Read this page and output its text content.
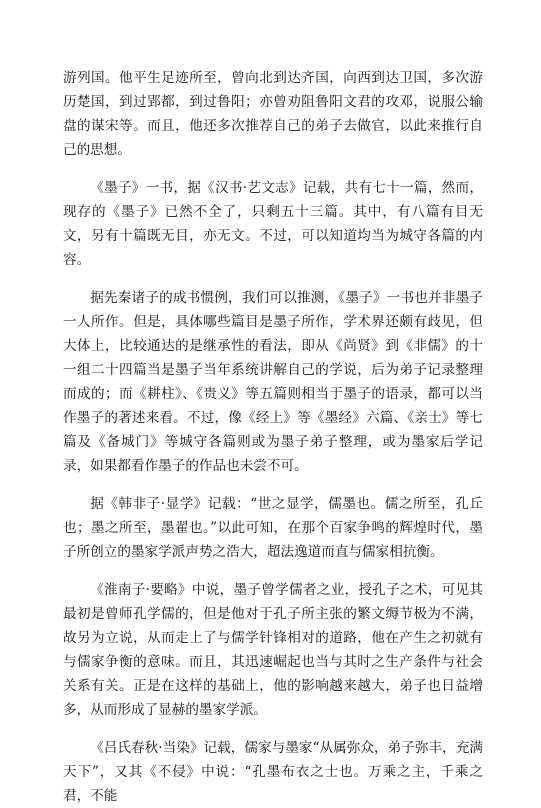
游列国。他平生足迹所至，曾向北到达齐国，向西到达卫国，多次游历楚国，到过郢都，到过鲁阳；亦曾劝阻鲁阳文君的攻邓，说服公输盘的谋宋等。而且，他还多次推荐自己的弟子去做官，以此来推行自己的思想。

《墨子》一书，据《汉书·艺文志》记载，共有七十一篇，然而，现存的《墨子》已然不全了，只剩五十三篇。其中，有八篇有目无文，另有十篇既无目，亦无文。不过，可以知道均当为城守各篇的内容。

据先秦诸子的成书惯例，我们可以推测，《墨子》一书也并非墨子一人所作。但是，具体哪些篇目是墨子所作，学术界还颇有歧见，但大体上，比较通达的是继承性的看法，即从《尚贤》到《非儒》的十一组二十四篇当是墨子当年系统讲解自己的学说，后为弟子记录整理而成的；而《耕柱》、《贵义》等五篇则相当于墨子的语录，都可以当作墨子的著述来看。不过，像《经上》等《墨经》六篇、《亲士》等七篇及《备城门》等城守各篇则或为墨子弟子整理，或为墨家后学记录，如果都看作墨子的作品也未尝不可。

据《韩非子·显学》记载：“世之显学，儒墨也。儒之所至，孔丘也；墨之所至，墨翟也。”以此可知，在那个百家争鸣的辉煌时代，墨子所创立的墨家学派声势之浩大，超法逸道而直与儒家相抗衡。

《淮南子·要略》中说，墨子曾学儒者之业，授孔子之术，可见其最初是曾师孔学儒的，但是他对于孔子所主张的繁文缛节极为不满，故另为立说，从而走上了与儒学针锋相对的道路，他在产生之初就有与儒家争衡的意味。而且，其迅速崛起也当与其时之生产条件与社会关系有关。正是在这样的基础上，他的影响越来越大，弟子也日益增多，从而形成了显赫的墨家学派。

《吕氏春秋·当染》记载，儒家与墨家“从属弥众，弟子弥丰，充满天下”，又其《不侵》中说：“孔墨布衣之士也。万乘之主，千乘之君，不能
